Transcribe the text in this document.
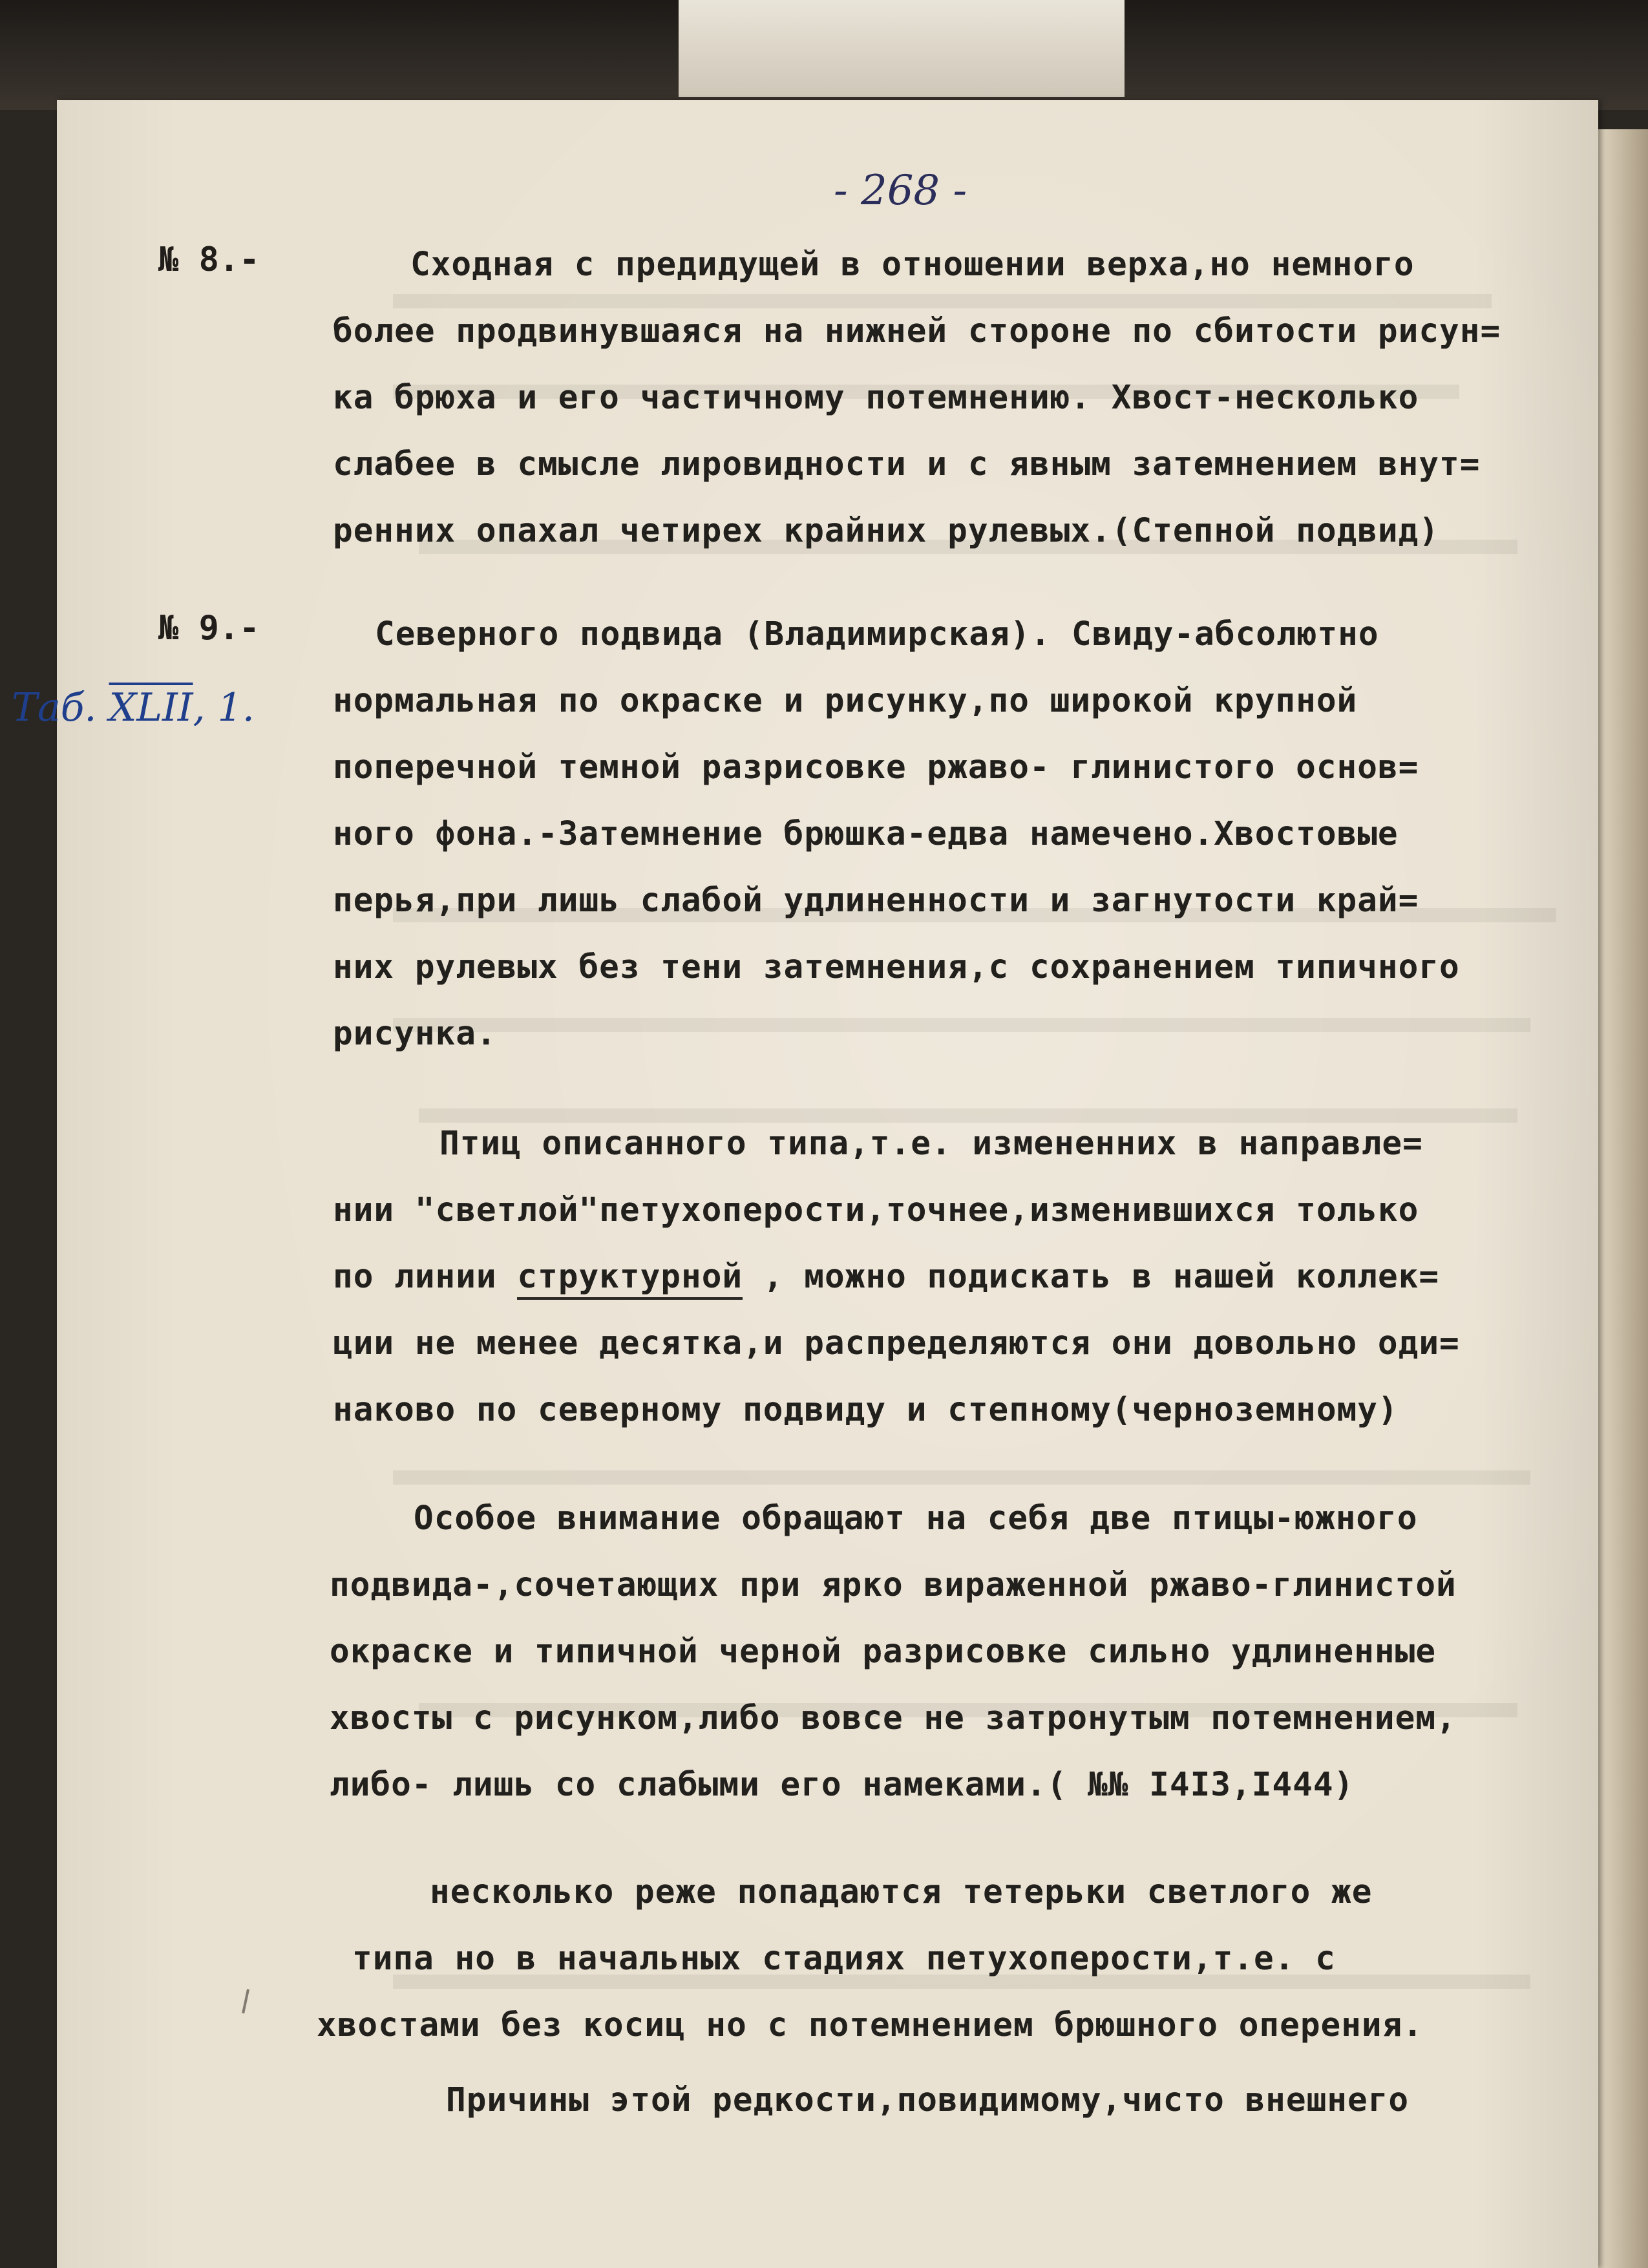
- 268 -
№ 8.-	Сходная с предидущей в отношении верха,но немного
более продвинувшаяся на нижней стороне по сбитости рисун=
ка брюха и его частичному потемнению. Хвост-несколько
слабее в смысле лировидности и с явным затемнением внут=
ренних опахал четирех крайних рулевых.(Степной подвид)
№ 9.-
Таб. XLII, 1.
Северного подвида (Владимирская). Свиду-абсолютно
нормальная по окраске и рисунку,по широкой крупной
поперечной темной разрисовке ржаво- глинистого основ=
ного фона.-Затемнение брюшка-едва намечено.Хвостовые
перья,при лишь слабой удлиненности и загнутости край=
них рулевых без тени затемнения,с сохранением типичного
рисунка.
Птиц описанного типа,т.е. измененних в направле=
нии "светлой"петухоперости,точнее,изменившихся только
по линии структурной , можно подискать в нашей коллек=
ции не менее десятка,и распределяются они довольно оди=
наково по северному подвиду и степному(черноземному)
Особое внимание обращают на себя две птицы-южного
подвида-,сочетающих при ярко виpаженной ржаво-глинистой
окраске и типичной черной разрисовке сильно удлиненные
хвосты с рисунком,либо вовсе не затронутым потемнением,
либо- лишь со слабыми его намеками.( №№ I4I3,I444)
несколько реже попадаются тетерьки светлого же
типа но в начальных стадиях петухоперости,т.е. с
хвостами без косиц но с потемнением брюшного оперения.
Причины этой редкости,повидимому,чисто внешнего
